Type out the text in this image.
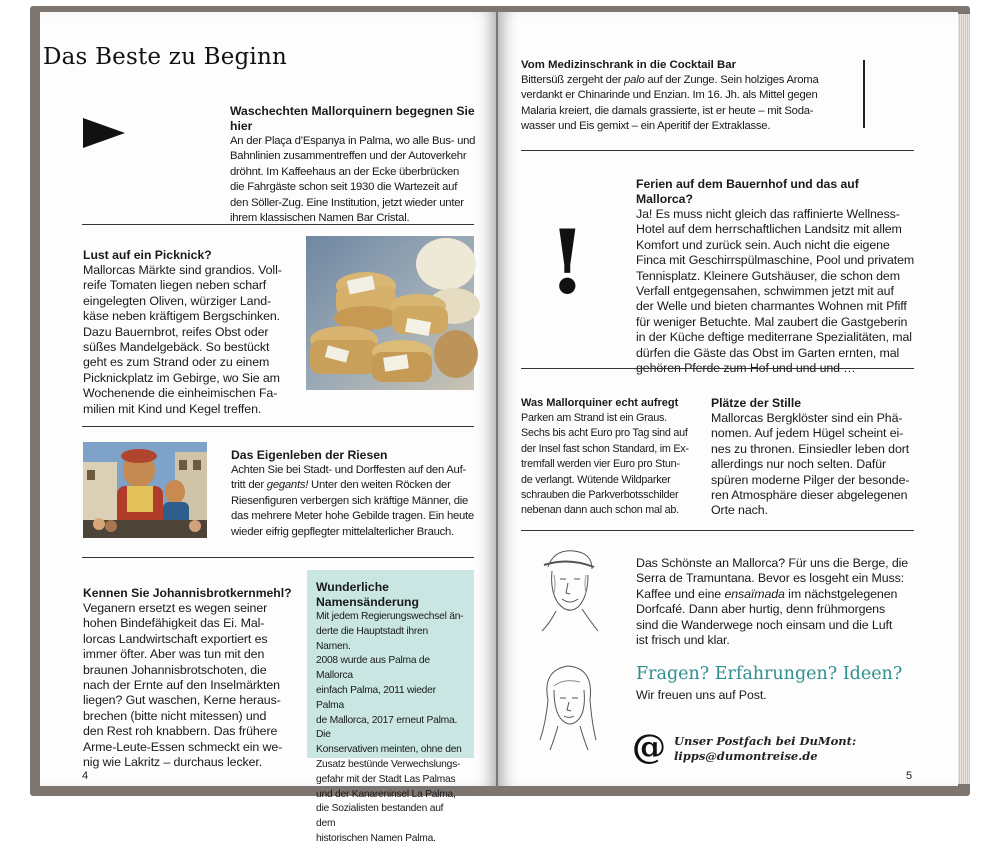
Das Beste zu Beginn
Waschechten Mallorquinern begegnen Sie hier
An der Plaça d’Espanya in Palma, wo alle Bus- und
Bahnlinien zusammentreffen und der Autoverkehr
dröhnt. Im Kaffeehaus an der Ecke überbrücken
die Fahrgäste schon seit 1930 die Wartezeit auf
den Söller-Zug. Eine Institution, jetzt wieder unter
ihrem klassischen Namen Bar Cristal.
Lust auf ein Picknick?
Mallorcas Märkte sind grandios. Voll-
reife Tomaten liegen neben scharf
eingelegten Oliven, würziger Land-
käse neben kräftigem Bergschinken.
Dazu Bauernbrot, reifes Obst oder
süßes Mandelgebäck. So bestückt
geht es zum Strand oder zu einem
Picknickplatz im Gebirge, wo Sie am
Wochenende die einheimischen Fa-
milien mit Kind und Kegel treffen.
Das Eigenleben der Riesen
Achten Sie bei Stadt- und Dorffesten auf den Auf-
tritt der gegants! Unter den weiten Röcken der
Riesenfiguren verbergen sich kräftige Männer, die
das mehrere Meter hohe Gebilde tragen. Ein heute
wieder eifrig gepflegter mittelalterlicher Brauch.
Kennen Sie Johannisbrotkernmehl?
Veganern ersetzt es wegen seiner
hohen Bindefähigkeit das Ei. Mal-
lorcas Landwirtschaft exportiert es
immer öfter. Aber was tun mit den
braunen Johannisbrotschoten, die
nach der Ernte auf den Inselmärkten
liegen? Gut waschen, Kerne heraus-
brechen (bitte nicht mitessen) und
den Rest roh knabbern. Das frühere
Arme-Leute-Essen schmeckt ein we-
nig wie Lakritz – durchaus lecker.
Wunderliche Namensänderung
Mit jedem Regierungswechsel än-
derte die Hauptstadt ihren Namen.
2008 wurde aus Palma de Mallorca
einfach Palma, 2011 wieder Palma
de Mallorca, 2017 erneut Palma. Die
Konservativen meinten, ohne den
Zusatz bestünde Verwechslungs-
gefahr mit der Stadt Las Palmas
und der Kanareninsel La Palma,
die Sozialisten bestanden auf dem
historischen Namen Palma.
4
Vom Medizinschrank in die Cocktail Bar
Bittersüß zergeht der palo auf der Zunge. Sein holziges Aroma
verdankt er Chinarinde und Enzian. Im 16. Jh. als Mittel gegen
Malaria kreiert, die damals grassierte, ist er heute – mit Soda-
wasser und Eis gemixt – ein Aperitif der Extraklasse.
!
Ferien auf dem Bauernhof und das auf Mallorca?
Ja! Es muss nicht gleich das raffinierte Wellness-
Hotel auf dem herrschaftlichen Landsitz mit allem
Komfort und zurück sein. Auch nicht die eigene
Finca mit Geschirrspülmaschine, Pool und privatem
Tennisplatz. Kleinere Gutshäuser, die schon dem
Verfall entgegensahen, schwimmen jetzt mit auf
der Welle und bieten charmantes Wohnen mit Pfiff
für weniger Betuchte. Mal zaubert die Gastgeberin
in der Küche deftige mediterrane Spezialitäten, mal
dürfen die Gäste das Obst im Garten ernten, mal
gehören Pferde zum Hof und und und …
Was Mallorquiner echt aufregt
Parken am Strand ist ein Graus.
Sechs bis acht Euro pro Tag sind auf
der Insel fast schon Standard, im Ex-
tremfall werden vier Euro pro Stun-
de verlangt. Wütende Wildparker
schrauben die Parkverbotsschilder
nebenan dann auch schon mal ab.
Plätze der Stille
Mallorcas Bergklöster sind ein Phä-
nomen. Auf jedem Hügel scheint ei-
nes zu thronen. Einsiedler leben dort
allerdings nur noch selten. Dafür
spüren moderne Pilger der besonde-
ren Atmosphäre dieser abgelegenen
Orte nach.
Das Schönste an Mallorca? Für uns die Berge, die
Serra de Tramuntana. Bevor es losgeht ein Muss:
Kaffee und eine ensaïmada im nächstgelegenen
Dorfcafé. Dann aber hurtig, denn frühmorgens
sind die Wanderwege noch einsam und die Luft
ist frisch und klar.
Fragen? Erfahrungen? Ideen?
Wir freuen uns auf Post.
@ Unser Postfach bei DuMont:
lipps@dumontreise.de
5
